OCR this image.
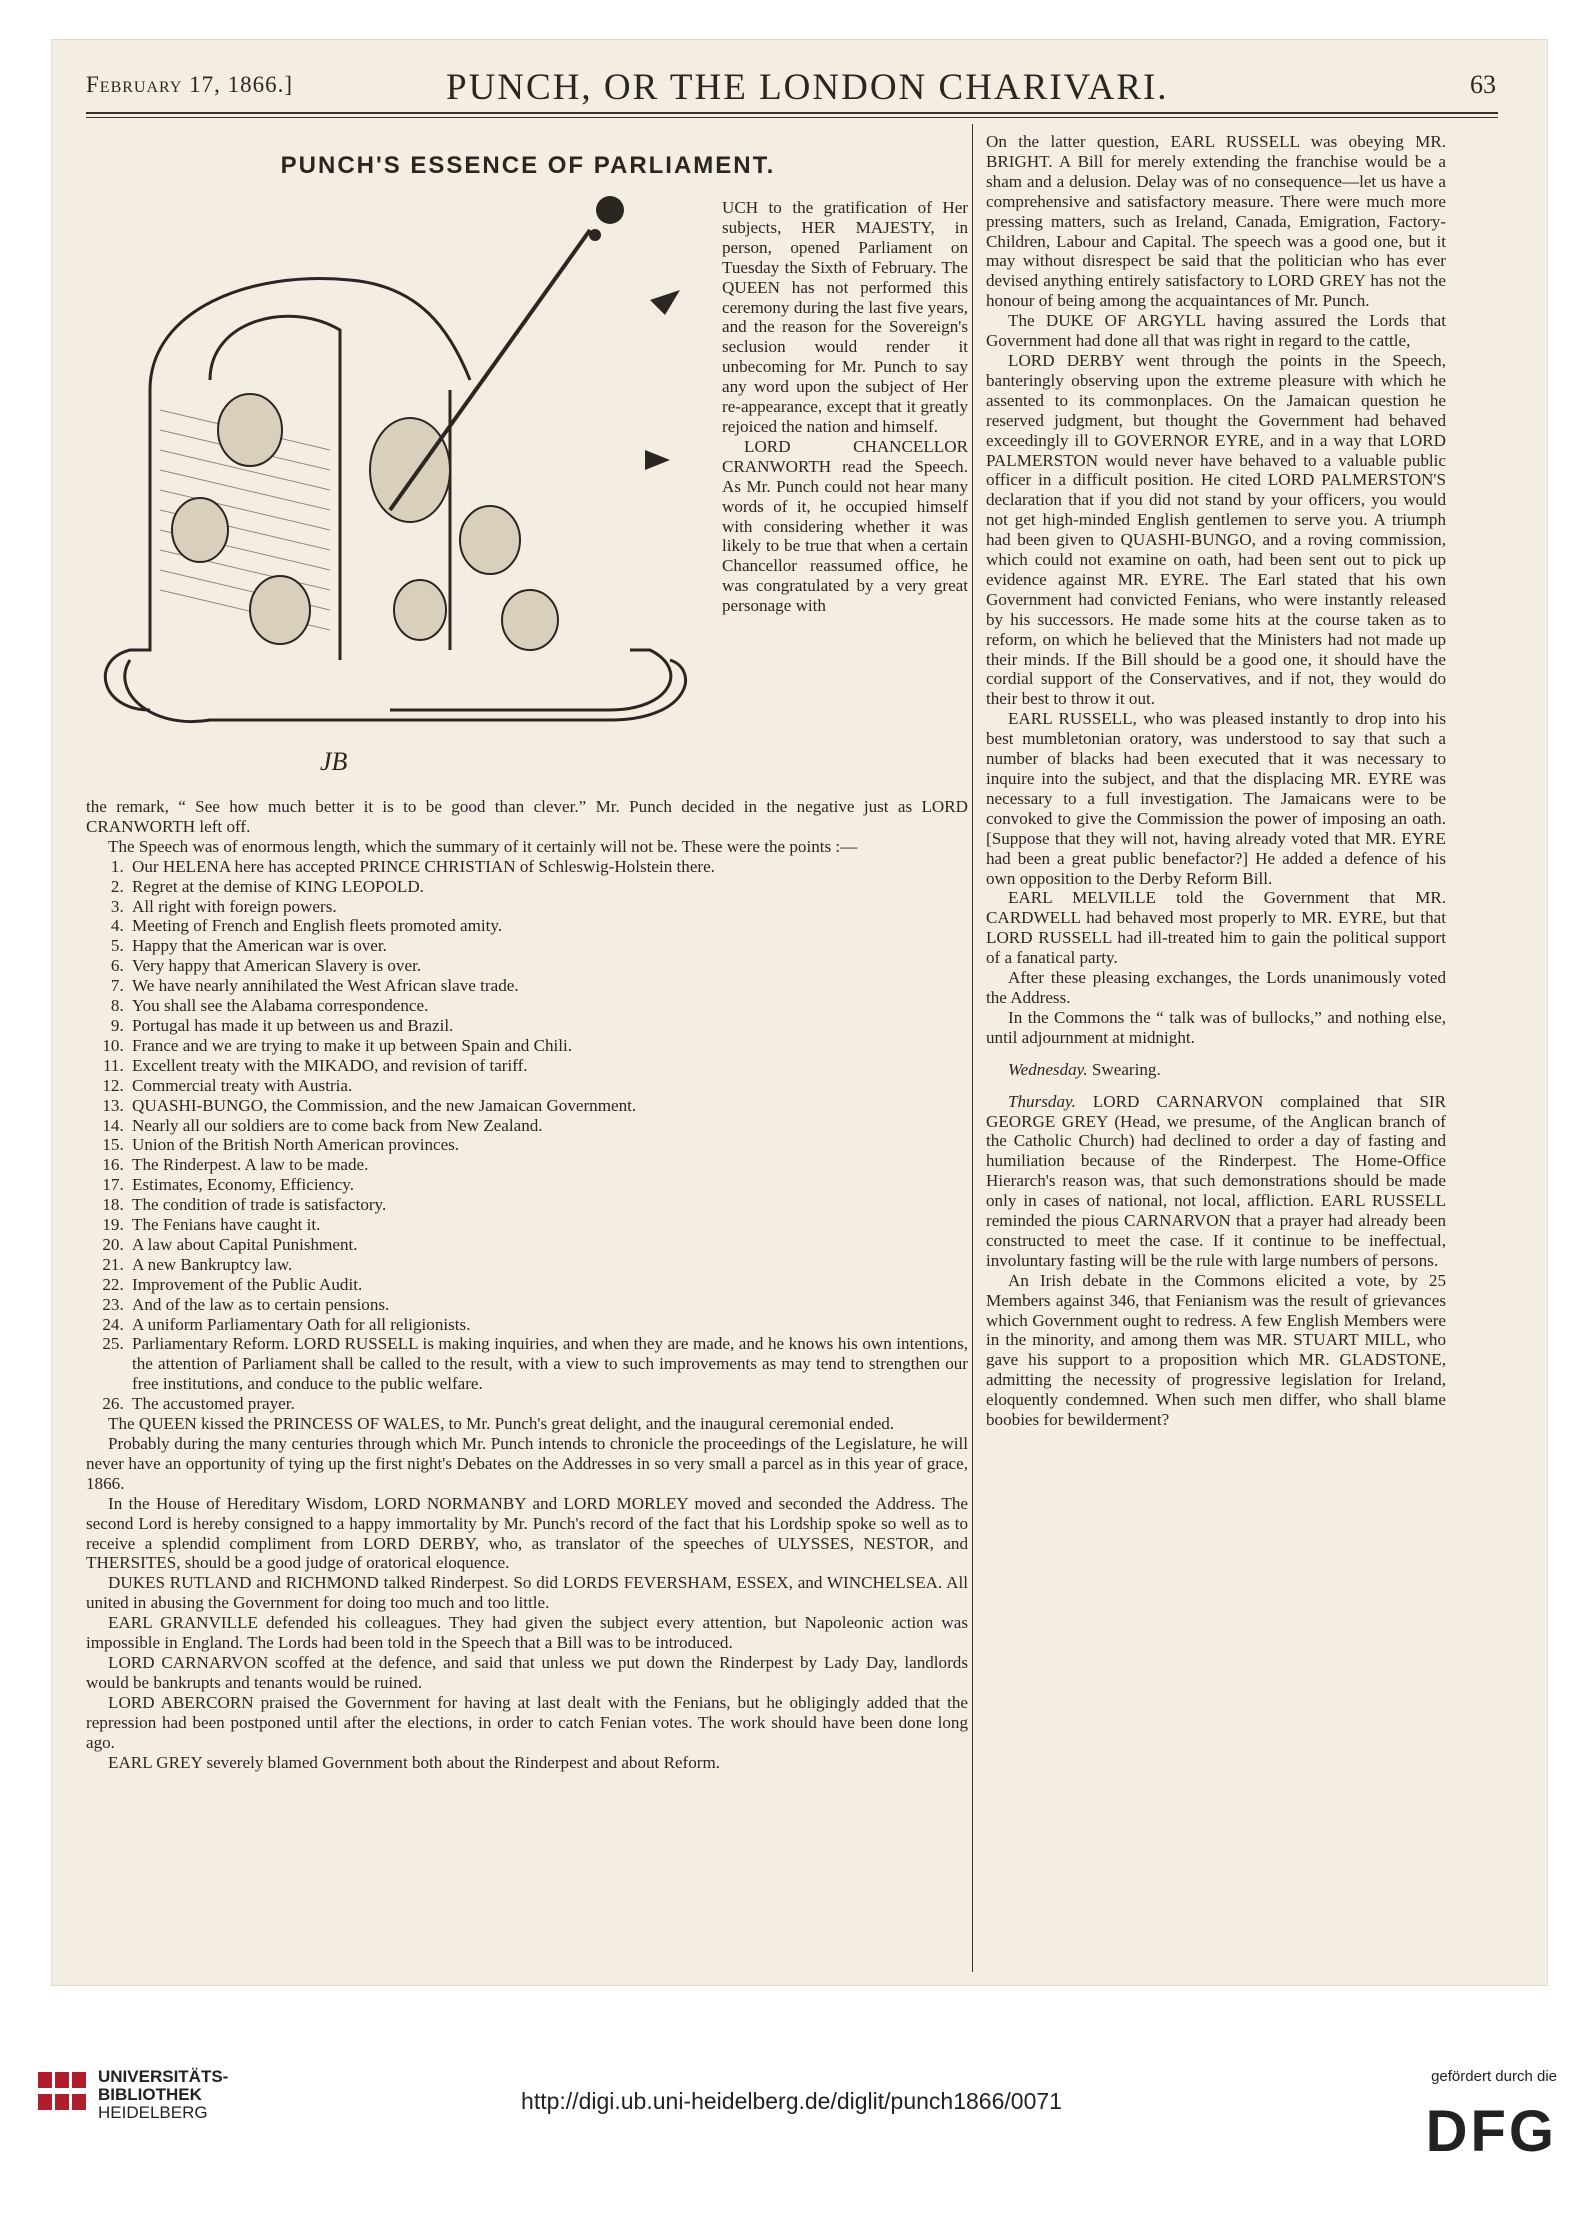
February 17, 1866.]	PUNCH, OR THE LONDON CHARIVARI.	63
PUNCH'S ESSENCE OF PARLIAMENT.
JB

UCH to the gratification of Her subjects, HER MAJESTY, in person, opened Parliament on Tuesday the Sixth of February. The QUEEN has not performed this ceremony during the last five years, and the reason for the Sovereign's seclusion would render it unbecoming for Mr. Punch to say any word upon the subject of Her re-appearance, except that it greatly rejoiced the nation and himself.

LORD CHANCELLOR CRANWORTH read the Speech. As Mr. Punch could not hear many words of it, he occupied himself with considering whether it was likely to be true that when a certain Chancellor reassumed office, he was congratulated by a very great personage with

the remark, “ See how much better it is to be good than clever.” Mr. Punch decided in the negative just as LORD CRANWORTH left off.

The Speech was of enormous length, which the summary of it certainly will not be. These were the points :—

1. Our HELENA here has accepted PRINCE CHRISTIAN of Schleswig-Holstein there.
2. Regret at the demise of KING LEOPOLD.
3. All right with foreign powers.
4. Meeting of French and English fleets promoted amity.
5. Happy that the American war is over.
6. Very happy that American Slavery is over.
7. We have nearly annihilated the West African slave trade.
8. You shall see the Alabama correspondence.
9. Portugal has made it up between us and Brazil.
10. France and we are trying to make it up between Spain and Chili.
11. Excellent treaty with the MIKADO, and revision of tariff.
12. Commercial treaty with Austria.
13. QUASHI-BUNGO, the Commission, and the new Jamaican Government.
14. Nearly all our soldiers are to come back from New Zealand.
15. Union of the British North American provinces.
16. The Rinderpest. A law to be made.
17. Estimates, Economy, Efficiency.
18. The condition of trade is satisfactory.
19. The Fenians have caught it.
20. A law about Capital Punishment.
21. A new Bankruptcy law.
22. Improvement of the Public Audit.
23. And of the law as to certain pensions.
24. A uniform Parliamentary Oath for all religionists.
25. Parliamentary Reform. LORD RUSSELL is making inquiries, and when they are made, and he knows his own intentions, the attention of Parliament shall be called to the result, with a view to such improvements as may tend to strengthen our free institutions, and conduce to the public welfare.
26. The accustomed prayer.

The QUEEN kissed the PRINCESS OF WALES, to Mr. Punch's great delight, and the inaugural ceremonial ended.

Probably during the many centuries through which Mr. Punch intends to chronicle the proceedings of the Legislature, he will never have an opportunity of tying up the first night's Debates on the Addresses in so very small a parcel as in this year of grace, 1866.

In the House of Hereditary Wisdom, LORD NORMANBY and LORD MORLEY moved and seconded the Address. The second Lord is hereby consigned to a happy immortality by Mr. Punch's record of the fact that his Lordship spoke so well as to receive a splendid compliment from LORD DERBY, who, as translator of the speeches of ULYSSES, NESTOR, and THERSITES, should be a good judge of oratorical eloquence.

DUKES RUTLAND and RICHMOND talked Rinderpest. So did LORDS FEVERSHAM, ESSEX, and WINCHELSEA. All united in abusing the Government for doing too much and too little.

EARL GRANVILLE defended his colleagues. They had given the subject every attention, but Napoleonic action was impossible in England. The Lords had been told in the Speech that a Bill was to be introduced.

LORD CARNARVON scoffed at the defence, and said that unless we put down the Rinderpest by Lady Day, landlords would be bankrupts and tenants would be ruined.

LORD ABERCORN praised the Government for having at last dealt with the Fenians, but he obligingly added that the repression had been postponed until after the elections, in order to catch Fenian votes. The work should have been done long ago.

EARL GREY severely blamed Government both about the Rinderpest and about Reform.

On the latter question, EARL RUSSELL was obeying MR. BRIGHT. A Bill for merely extending the franchise would be a sham and a delusion. Delay was of no consequence—let us have a comprehensive and satisfactory measure. There were much more pressing matters, such as Ireland, Canada, Emigration, Factory-Children, Labour and Capital. The speech was a good one, but it may without disrespect be said that the politician who has ever devised anything entirely satisfactory to LORD GREY has not the honour of being among the acquaintances of Mr. Punch.

The DUKE OF ARGYLL having assured the Lords that Government had done all that was right in regard to the cattle,

LORD DERBY went through the points in the Speech, banteringly observing upon the extreme pleasure with which he assented to its commonplaces. On the Jamaican question he reserved judgment, but thought the Government had behaved exceedingly ill to GOVERNOR EYRE, and in a way that LORD PALMERSTON would never have behaved to a valuable public officer in a difficult position. He cited LORD PALMERSTON'S declaration that if you did not stand by your officers, you would not get high-minded English gentlemen to serve you. A triumph had been given to QUASHI-BUNGO, and a roving commission, which could not examine on oath, had been sent out to pick up evidence against MR. EYRE. The Earl stated that his own Government had convicted Fenians, who were instantly released by his successors. He made some hits at the course taken as to reform, on which he believed that the Ministers had not made up their minds. If the Bill should be a good one, it should have the cordial support of the Conservatives, and if not, they would do their best to throw it out.

EARL RUSSELL, who was pleased instantly to drop into his best mumbletonian oratory, was understood to say that such a number of blacks had been executed that it was necessary to inquire into the subject, and that the displacing MR. EYRE was necessary to a full investigation. The Jamaicans were to be convoked to give the Commission the power of imposing an oath. [Suppose that they will not, having already voted that MR. EYRE had been a great public benefactor?] He added a defence of his own opposition to the Derby Reform Bill.

EARL MELVILLE told the Government that MR. CARDWELL had behaved most properly to MR. EYRE, but that LORD RUSSELL had ill-treated him to gain the political support of a fanatical party.

After these pleasing exchanges, the Lords unanimously voted the Address.

In the Commons the “ talk was of bullocks,” and nothing else, until adjournment at midnight.

Wednesday. Swearing.

Thursday. LORD CARNARVON complained that SIR GEORGE GREY (Head, we presume, of the Anglican branch of the Catholic Church) had declined to order a day of fasting and humiliation because of the Rinderpest. The Home-Office Hierarch's reason was, that such demonstrations should be made only in cases of national, not local, affliction. EARL RUSSELL reminded the pious CARNARVON that a prayer had already been constructed to meet the case. If it continue to be ineffectual, involuntary fasting will be the rule with large numbers of persons.

An Irish debate in the Commons elicited a vote, by 25 Members against 346, that Fenianism was the result of grievances which Government ought to redress. A few English Members were in the minority, and among them was MR. STUART MILL, who gave his support to a proposition which MR. GLADSTONE, admitting the necessity of progressive legislation for Ireland, eloquently condemned. When such men differ, who shall blame boobies for bewilderment?

UNIVERSITÄTS-
BIBLIOTHEK
HEIDELBERG	http://digi.ub.uni-heidelberg.de/diglit/punch1866/0071
gefördert durch die
DFG
